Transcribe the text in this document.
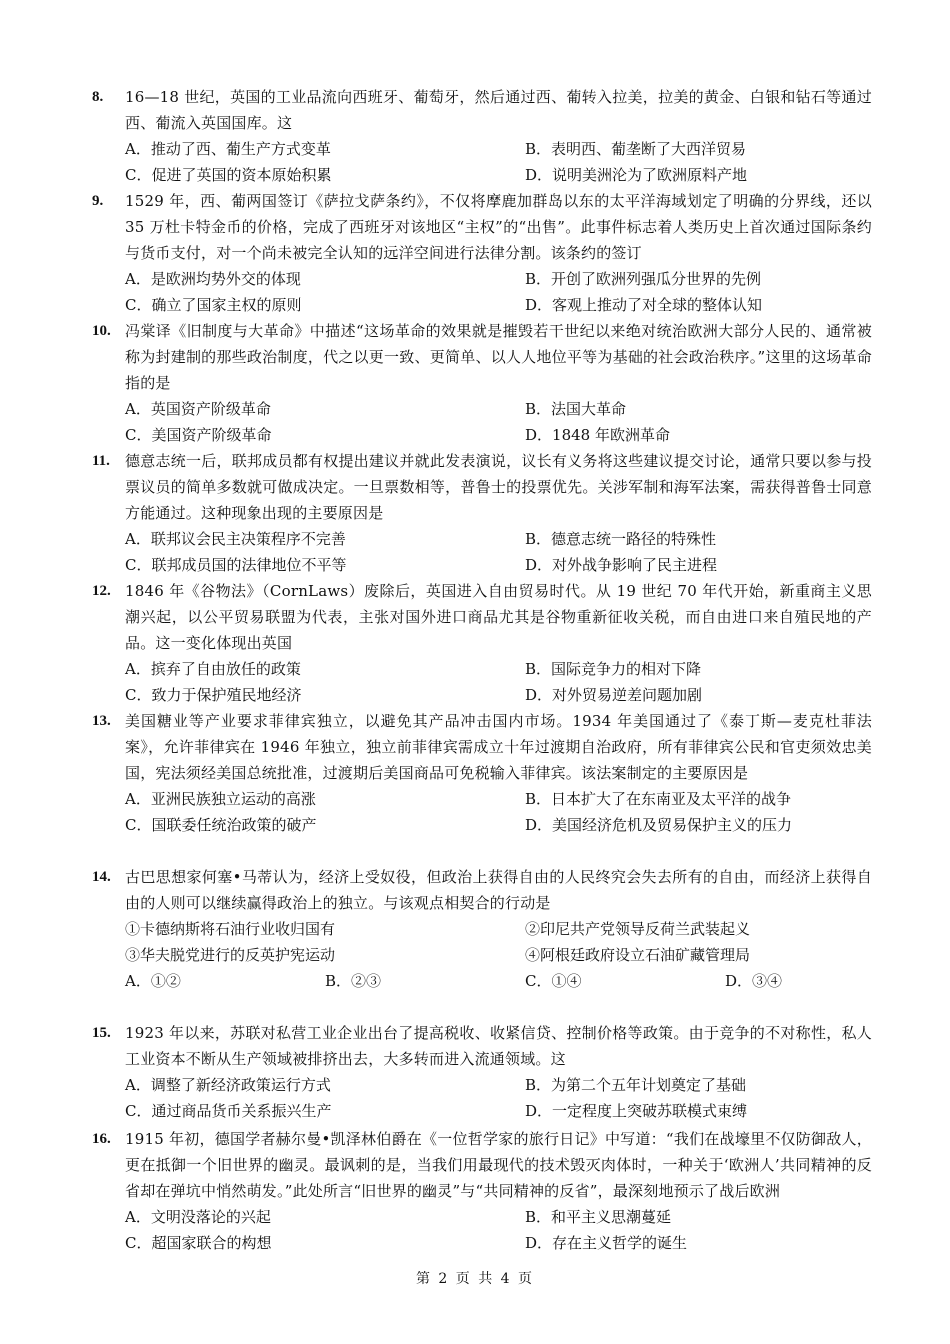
8. 16—18 世纪，英国的工业品流向西班牙、葡萄牙，然后通过西、葡转入拉美，拉美的黄金、白银和钻石等通过西、葡流入英国国库。这
A．推动了西、葡生产方式变革	B．表明西、葡垄断了大西洋贸易
C．促进了英国的资本原始积累	D．说明美洲沦为了欧洲原料产地
9. 1529 年，西、葡两国签订《萨拉戈萨条约》，不仅将摩鹿加群岛以东的太平洋海域划定了明确的分界线，还以 35 万杜卡特金币的价格，完成了西班牙对该地区“主权”的“出售”。此事件标志着人类历史上首次通过国际条约与货币支付，对一个尚未被完全认知的远洋空间进行法律分割。该条约的签订
A．是欧洲均势外交的体现	B．开创了欧洲列强瓜分世界的先例
C．确立了国家主权的原则	D．客观上推动了对全球的整体认知
10. 冯棠译《旧制度与大革命》中描述“这场革命的效果就是摧毁若干世纪以来绝对统治欧洲大部分人民的、通常被称为封建制的那些政治制度，代之以更一致、更简单、以人人地位平等为基础的社会政治秩序。”这里的这场革命指的是
A．英国资产阶级革命	B．法国大革命
C．美国资产阶级革命	D．1848 年欧洲革命
11. 德意志统一后，联邦成员都有权提出建议并就此发表演说，议长有义务将这些建议提交讨论，通常只要以参与投票议员的简单多数就可做成决定。一旦票数相等，普鲁士的投票优先。关涉军制和海军法案，需获得普鲁士同意方能通过。这种现象出现的主要原因是
A．联邦议会民主决策程序不完善	B．德意志统一路径的特殊性
C．联邦成员国的法律地位不平等	D．对外战争影响了民主进程
12. 1846 年《谷物法》（CornLaws）废除后，英国进入自由贸易时代。从 19 世纪 70 年代开始，新重商主义思潮兴起，以公平贸易联盟为代表，主张对国外进口商品尤其是谷物重新征收关税，而自由进口来自殖民地的产品。这一变化体现出英国
A．摈弃了自由放任的政策	B．国际竞争力的相对下降
C．致力于保护殖民地经济	D．对外贸易逆差问题加剧
13. 美国糖业等产业要求菲律宾独立，以避免其产品冲击国内市场。1934 年美国通过了《泰丁斯—麦克杜菲法案》，允许菲律宾在 1946 年独立，独立前菲律宾需成立十年过渡期自治政府，所有菲律宾公民和官吏须效忠美国，宪法须经美国总统批准，过渡期后美国商品可免税输入菲律宾。该法案制定的主要原因是
A．亚洲民族独立运动的高涨	B．日本扩大了在东南亚及太平洋的战争
C．国联委任统治政策的破产	D．美国经济危机及贸易保护主义的压力
14. 古巴思想家何塞•马蒂认为，经济上受奴役，但政治上获得自由的人民终究会失去所有的自由，而经济上获得自由的人则可以继续赢得政治上的独立。与该观点相契合的行动是
①卡德纳斯将石油行业收归国有	②印尼共产党领导反荷兰武装起义
③华夫脱党进行的反英护宪运动	④阿根廷政府设立石油矿藏管理局
A．①②	B．②③	C．①④	D．③④
15. 1923 年以来，苏联对私营工业企业出台了提高税收、收紧信贷、控制价格等政策。由于竞争的不对称性，私人工业资本不断从生产领域被排挤出去，大多转而进入流通领域。这
A．调整了新经济政策运行方式	B．为第二个五年计划奠定了基础
C．通过商品货币关系振兴生产	D．一定程度上突破苏联模式束缚
16. 1915 年初，德国学者赫尔曼•凯泽林伯爵在《一位哲学家的旅行日记》中写道：“我们在战壕里不仅防御敌人，更在抵御一个旧世界的幽灵。最讽刺的是，当我们用最现代的技术毁灭肉体时，一种关于‘欧洲人’共同精神的反省却在弹坑中悄然萌发。”此处所言“旧世界的幽灵”与“共同精神的反省”，最深刻地预示了战后欧洲
A．文明没落论的兴起	B．和平主义思潮蔓延
C．超国家联合的构想	D．存在主义哲学的诞生
第 2 页 共 4 页
